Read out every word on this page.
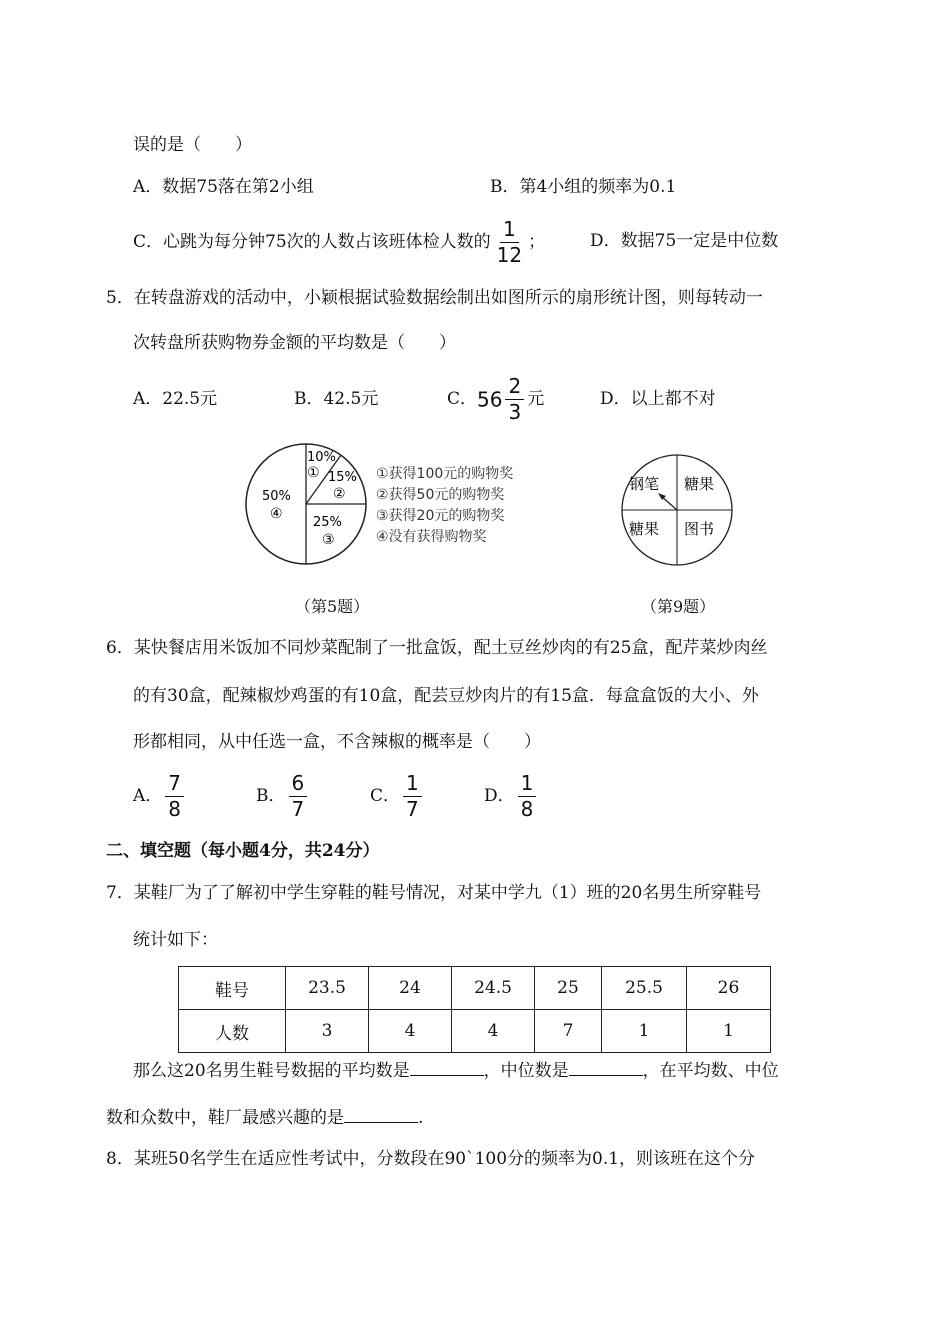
误的是（　　）
A．数据75落在第2小组	B．第4小组的频率为0.1
C．心跳为每分钟75次的人数占该班体检人数的 $\frac{1}{12}$ ；	D．数据75一定是中位数
5．在转盘游戏的活动中，小颖根据试验数据绘制出如图所示的扇形统计图，则每转动一
次转盘所获购物券金额的平均数是（　　）
A．22.5元	B．42.5元	C．$56 \frac{2}{3}$ 元	D．以上都不对
10%
① 15%
②
25%
③
50%
④
①获得100元的购物奖
②获得50元的购物奖
③获得20元的购物奖
④没有获得购物奖
（第5题）
钢笔 糖果
糖果 图书
（第9题）
6．某快餐店用米饭加不同炒菜配制了一批盒饭，配土豆丝炒肉的有25盒，配芹菜炒肉丝
的有30盒，配辣椒炒鸡蛋的有10盒，配芸豆炒肉片的有15盒．每盒盒饭的大小、外
形都相同，从中任选一盒，不含辣椒的概率是（　　）
A． $\frac{7}{8}$	B． $\frac{6}{7}$	C． $\frac{1}{7}$	D． $\frac{1}{8}$
二、填空题（每小题4分，共24分）
7．某鞋厂为了了解初中学生穿鞋的鞋号情况，对某中学九（1）班的20名男生所穿鞋号
统计如下：
鞋号	23.5	24	24.5	25	25.5	26
人数	3	4	4	7	1	1
那么这20名男生鞋号数据的平均数是	，中位数是	，在平均数、中位
数和众数中，鞋厂最感兴趣的是	.
8．某班50名学生在适应性考试中，分数段在90`100分的频率为0.1，则该班在这个分
